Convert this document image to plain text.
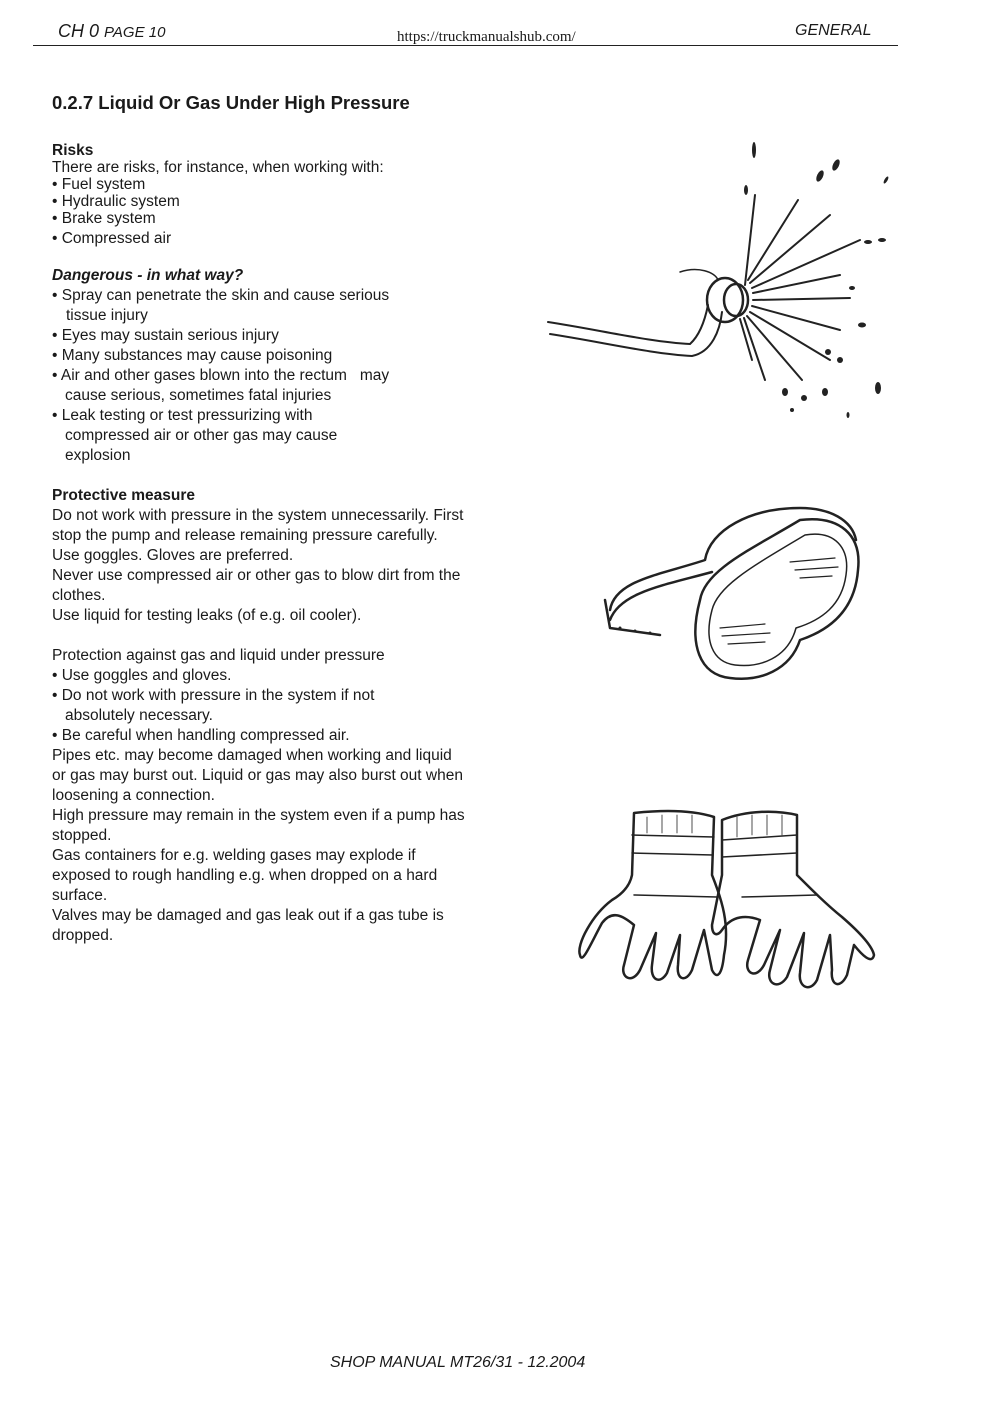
CH 0 PAGE 10	https://truckmanualshub.com/	GENERAL
0.2.7 Liquid Or Gas Under High Pressure
Risks
There are risks, for instance, when working with:
• Fuel system
• Hydraulic system
• Brake system
• Compressed air
Dangerous - in what way?
• Spray can penetrate the skin and cause serious
tissue injury
• Eyes may sustain serious injury
• Many substances may cause poisoning
• Air and other gases blown into the rectum   may
cause serious, sometimes fatal injuries
• Leak testing or test pressurizing with
compressed air or other gas may cause
explosion
Protective measure
Do not work with pressure in the system unnecessarily. First
stop the pump and release remaining pressure carefully.
Use goggles. Gloves are preferred.
Never use compressed air or other gas to blow dirt from the
clothes.
Use liquid for testing leaks (of e.g. oil cooler).
Protection against gas and liquid under pressure
• Use goggles and gloves.
• Do not work with pressure in the system if not
absolutely necessary.
• Be careful when handling compressed air.
Pipes etc. may become damaged when working and liquid
or gas may burst out. Liquid or gas may also burst out when
loosening a connection.
High pressure may remain in the system even if a pump has
stopped.
Gas containers for e.g. welding gases may explode if
exposed to rough handling e.g. when dropped on a hard
surface.
Valves may be damaged and gas leak out if a gas tube is
dropped.
SHOP MANUAL MT26/31 - 12.2004
